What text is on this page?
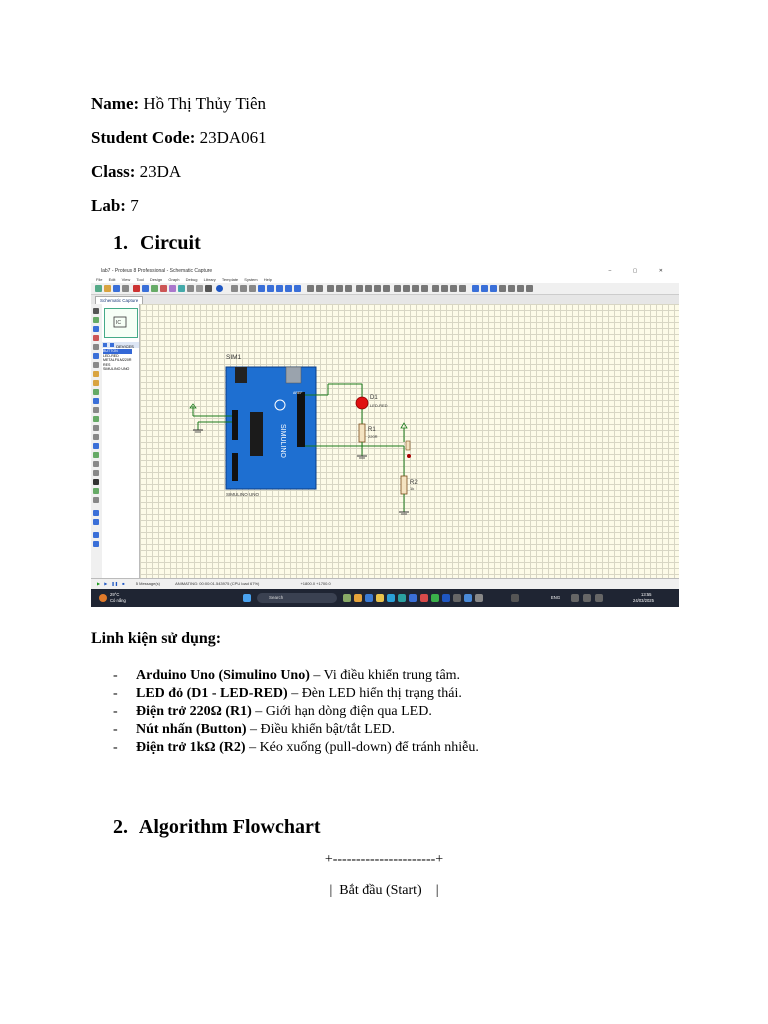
Name: Hồ Thị Thủy Tiên
Student Code: 23DA061
Class: 23DA
Lab: 7
1. Circuit
lab7 - Proteus 8 Professional - Schematic Capture	– ▢ ✕
File Edit View Tool Design Graph Debug Library Template System Help
Schematic Capture
IC
DEVICES
BUTTON
LED-RED
METALFILM220R
RES
SIMULINO UNO
SIM1
SIMULINO
AREF
SIMULINO UNO
D1
LED-RED
R1
220R
R2
1k
▶ ▶ ❚❚ ■	5 Message(s)	ANIMATING: 00:00:01.543975 (CPU load 67%)	+1800.0 +1700.0
29°C
Có nắng
Search	ENG
13:55
24/03/2025
Linh kiện sử dụng:
- Arduino Uno (Simulino Uno) – Vi điều khiển trung tâm.
- LED đỏ (D1 - LED-RED) – Đèn LED hiển thị trạng thái.
- Điện trở 220Ω (R1) – Giới hạn dòng điện qua LED.
- Nút nhấn (Button) – Điều khiển bật/tắt LED.
- Điện trở 1kΩ (R2) – Kéo xuống (pull-down) để tránh nhiễu.
2. Algorithm Flowchart
+----------------------+
|  Bắt đầu (Start)    |
